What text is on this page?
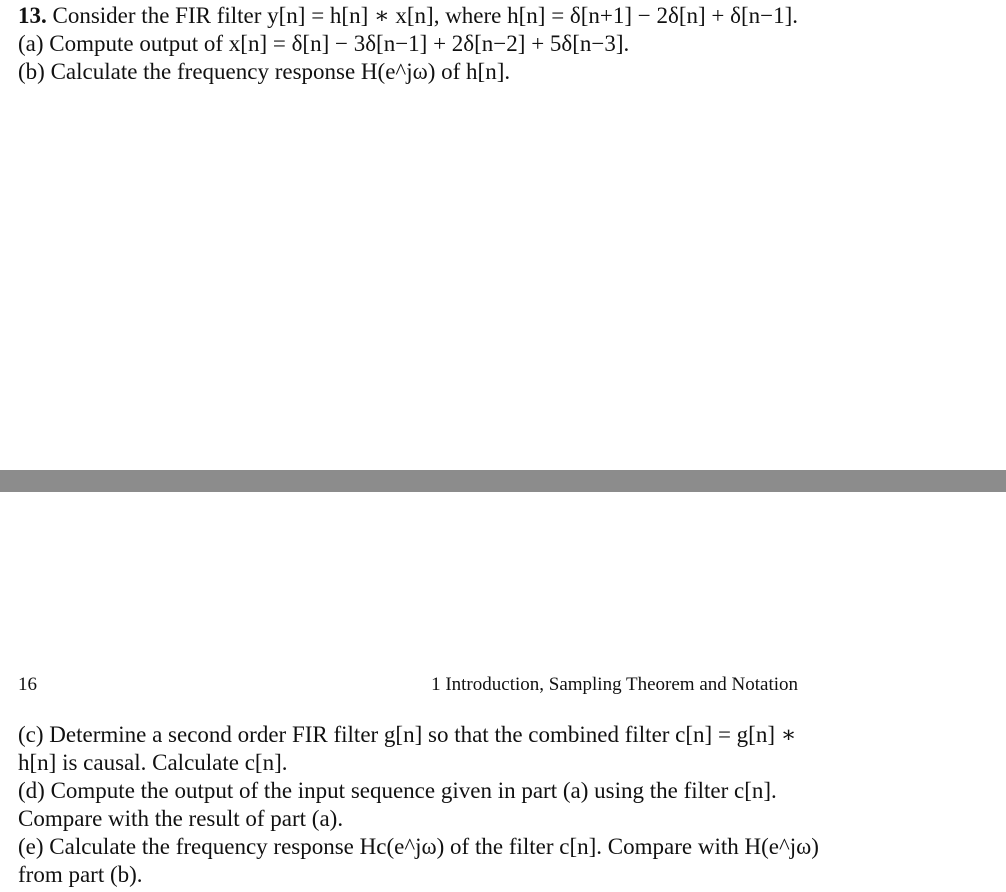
13. Consider the FIR filter y[n] = h[n] ∗ x[n], where h[n] = δ[n+1] − 2δ[n] + δ[n−1].
(a) Compute output of x[n] = δ[n] − 3δ[n−1] + 2δ[n−2] + 5δ[n−3].
(b) Calculate the frequency response H(e^jω) of h[n].
16	1 Introduction, Sampling Theorem and Notation
(c) Determine a second order FIR filter g[n] so that the combined filter c[n] = g[n] ∗
h[n] is causal. Calculate c[n].
(d) Compute the output of the input sequence given in part (a) using the filter c[n].
Compare with the result of part (a).
(e) Calculate the frequency response Hc(e^jω) of the filter c[n]. Compare with H(e^jω)
from part (b).
